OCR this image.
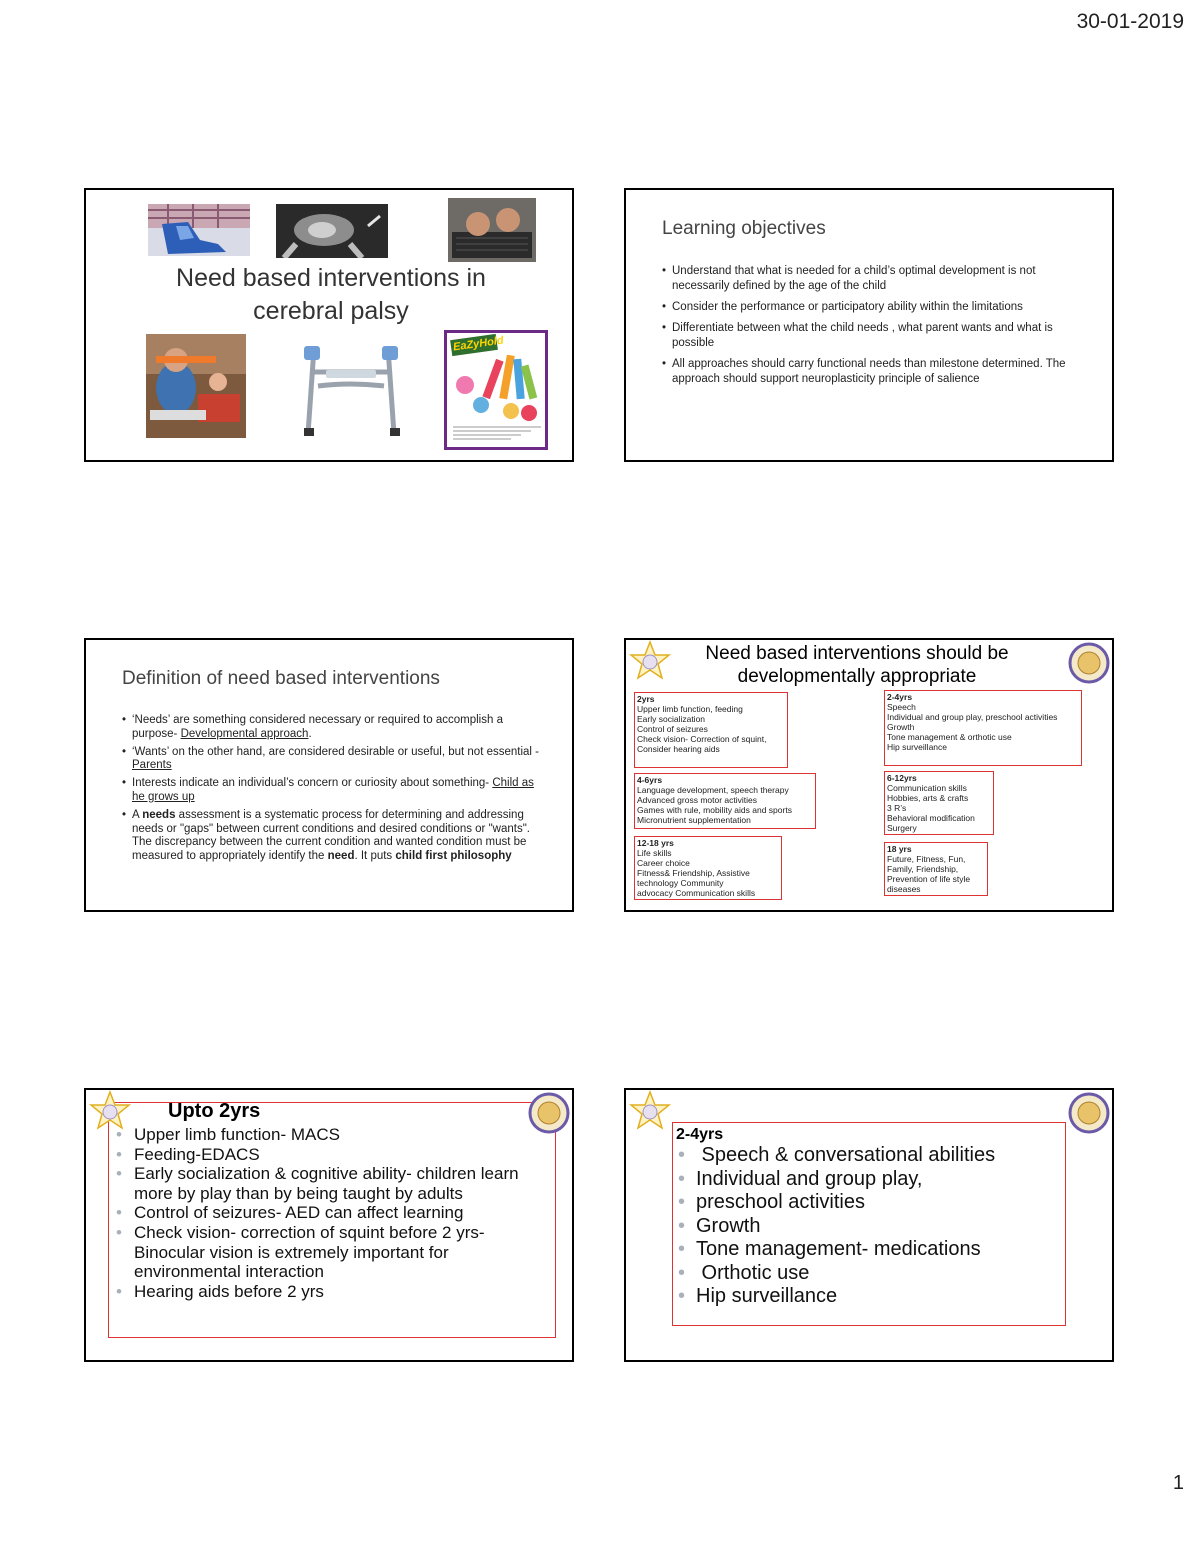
30-01-2019
1
Need based interventions in
cerebral palsy
EaZyHold
Learning objectives
• Understand that what is needed for a child’s optimal development is not necessarily defined by the age of the child
• Consider the performance or participatory ability within the limitations
• Differentiate between what the child needs , what parent wants and what is possible
• All approaches should carry functional needs than milestone determined. The approach should support neuroplasticity principle of salience
Definition of need based interventions
• ‘Needs’ are something considered necessary or required to accomplish a purpose- Developmental approach.
• ‘Wants’ on the other hand, are considered desirable or useful, but not essential -Parents
• Interests indicate an individual’s concern or curiosity about something- Child as he grows up
• A needs assessment is a systematic process for determining and addressing needs or "gaps" between current conditions and desired conditions or "wants". The discrepancy between the current condition and wanted condition must be measured to appropriately identify the need. It puts child first philosophy
Need based interventions should be
developmentally appropriate
2yrs
Upper limb function, feeding
Early socialization
Control of seizures
Check vision- Correction of squint,
Consider hearing aids
2-4yrs
Speech
Individual and group play, preschool activities
Growth
Tone management & orthotic use
Hip surveillance
4-6yrs
Language development, speech therapy
Advanced gross motor activities
Games with rule, mobility aids and sports
Micronutrient supplementation
6-12yrs
Communication skills
Hobbies, arts & crafts
3 R’s
Behavioral modification
Surgery
12-18 yrs
Life skills
Career choice
Fitness& Friendship, Assistive
technology Community
advocacy Communication skills
18 yrs
Future, Fitness, Fun,
Family, Friendship,
Prevention of life style
diseases
Upto 2yrs
• Upper limb function- MACS
• Feeding-EDACS
• Early socialization & cognitive ability- children learn more by play than by being taught by adults
• Control of seizures- AED can affect learning
• Check vision- correction of squint before 2 yrs- Binocular vision is extremely important for environmental interaction
• Hearing aids before 2 yrs
2-4yrs
•  Speech & conversational abilities
• Individual and group play,
• preschool activities
• Growth
• Tone management- medications
•  Orthotic use
• Hip surveillance
